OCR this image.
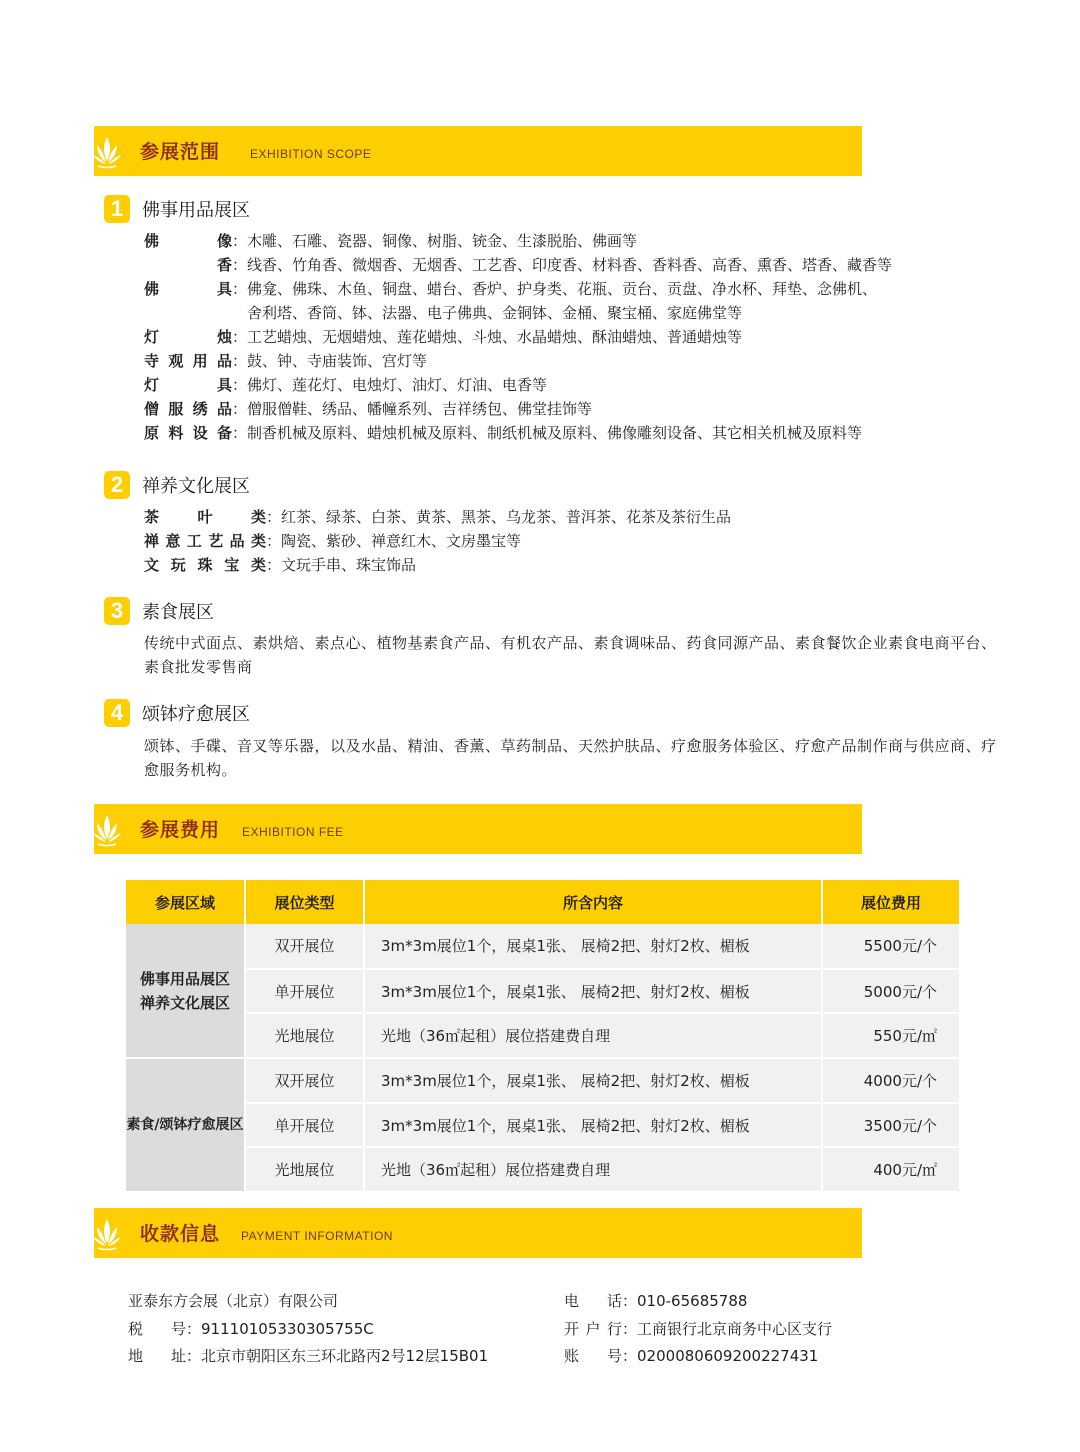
参展范围 EXHIBITION SCOPE
1	佛事用品展区
佛像：木雕、石雕、瓷器、铜像、树脂、铳金、生漆脱胎、佛画等
香：线香、竹角香、微烟香、无烟香、工艺香、印度香、材料香、香料香、高香、熏香、塔香、藏香等
佛具：佛龛、佛珠、木鱼、铜盘、蜡台、香炉、护身类、花瓶、贡台、贡盘、净水杯、拜垫、念佛机、
舍利塔、香筒、钵、法器、电子佛典、金铜钵、金桶、聚宝桶、家庭佛堂等
灯烛：工艺蜡烛、无烟蜡烛、莲花蜡烛、斗烛、水晶蜡烛、酥油蜡烛、普通蜡烛等
寺观用品：鼓、钟、寺庙装饰、宫灯等
灯具：佛灯、莲花灯、电烛灯、油灯、灯油、电香等
僧服绣品：僧服僧鞋、绣品、幡幢系列、吉祥绣包、佛堂挂饰等
原料设备：制香机械及原料、蜡烛机械及原料、制纸机械及原料、佛像雕刻设备、其它相关机械及原料等
2	禅养文化展区
茶叶类：红茶、绿茶、白茶、黄茶、黑茶、乌龙茶、普洱茶、花茶及茶衍生品
禅意工艺品类：陶瓷、紫砂、禅意红木、文房墨宝等
文玩珠宝类：文玩手串、珠宝饰品
3	素食展区
传统中式面点、素烘焙、素点心、植物基素食产品、有机农产品、素食调味品、药食同源产品、素食餐饮企业素食电商平台、素食批发零售商
4	颂钵疗愈展区
颂钵、手碟、音叉等乐器，以及水晶、精油、香薰、草药制品、天然护肤品、疗愈服务体验区、疗愈产品制作商与供应商、疗愈服务机构。
参展费用 EXHIBITION FEE
参展区域	展位类型	所含内容	展位费用

佛事用品展区
禅养文化展区	双开展位	3m*3m展位1个，展桌1张、 展椅2把、射灯2枚、楣板	5500元/个
	单开展位	3m*3m展位1个，展桌1张、 展椅2把、射灯2枚、楣板	5000元/个
	光地展位	光地（36㎡起租）展位搭建费自理	550元/㎡

素食/颂钵疗愈展区	双开展位	3m*3m展位1个，展桌1张、 展椅2把、射灯2枚、楣板	4000元/个
	单开展位	3m*3m展位1个，展桌1张、 展椅2把、射灯2枚、楣板	3500元/个
	光地展位	光地（36㎡起租）展位搭建费自理	400元/㎡
收款信息 PAYMENT INFORMATION
亚泰东方会展（北京）有限公司
税号：91110105330305755C
地址：北京市朝阳区东三环北路丙2号12层15B01
电话：010-65685788
开户行：工商银行北京商务中心区支行
账号：0200080609200227431
